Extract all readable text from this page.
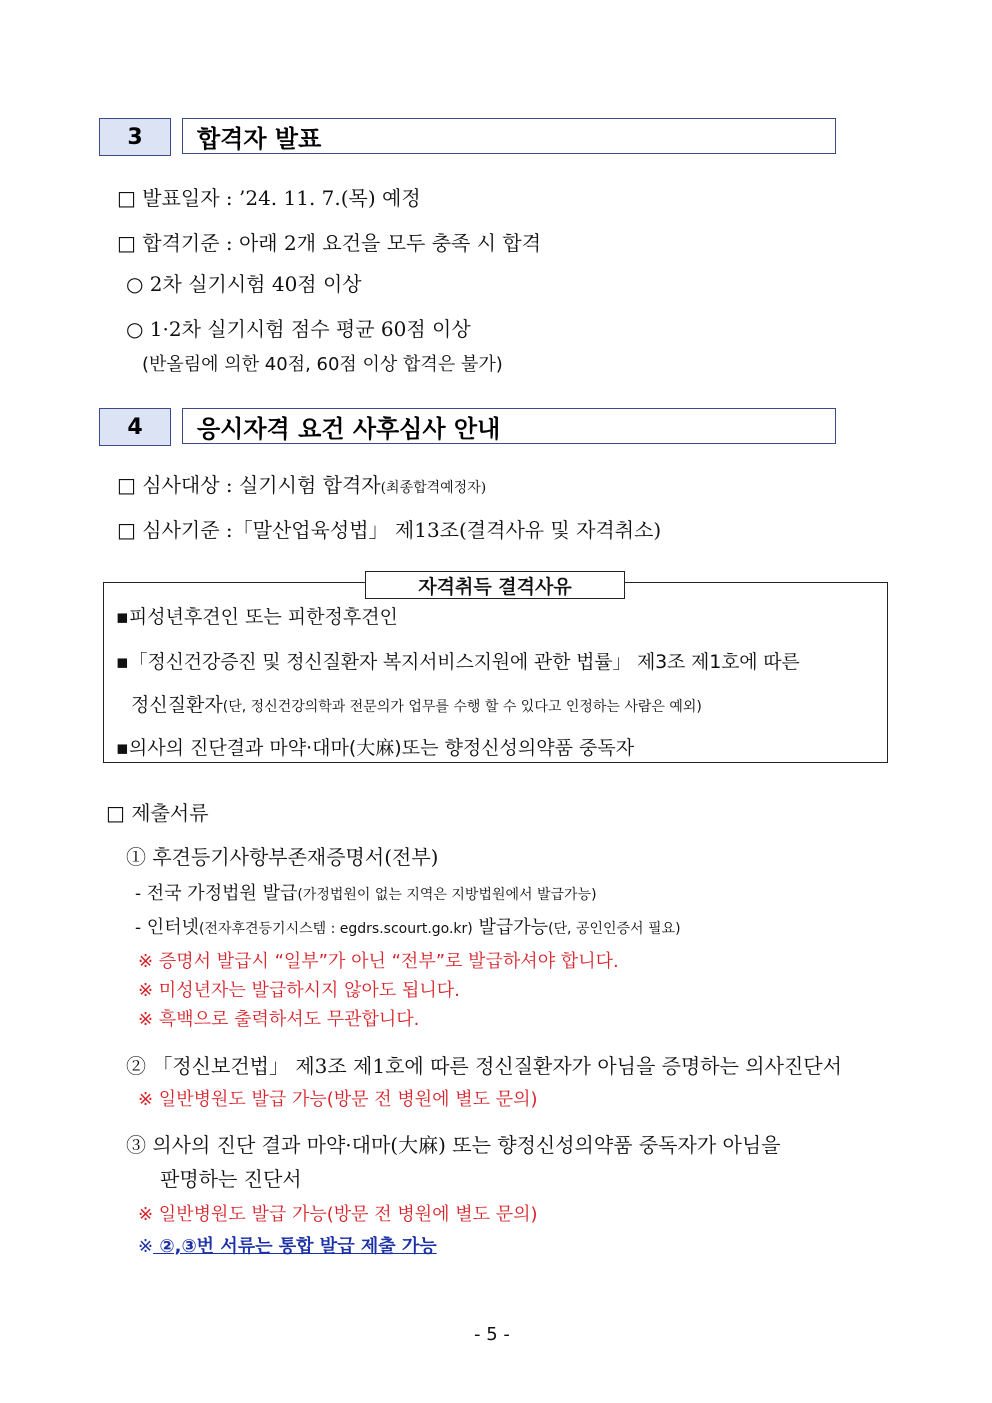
3	합격자 발표
□ 발표일자 : ’24. 11. 7.(목) 예정
□ 합격기준 : 아래 2개 요건을 모두 충족 시 합격
○ 2차 실기시험 40점 이상
○ 1·2차 실기시험 점수 평균 60점 이상
(반올림에 의한 40점, 60점 이상 합격은 불가)
4	응시자격 요건 사후심사 안내
□ 심사대상 : 실기시험 합격자(최종합격예정자)
□ 심사기준 :「말산업육성법」 제13조(결격사유 및 자격취소)
자격취득 결격사유
▪피성년후견인 또는 피한정후견인
▪「정신건강증진 및 정신질환자 복지서비스지원에 관한 법률」 제3조 제1호에 따른
정신질환자(단, 정신건강의학과 전문의가 업무를 수행 할 수 있다고 인정하는 사람은 예외)
▪의사의 진단결과 마약·대마(大麻)또는 향정신성의약품 중독자
□ 제출서류
① 후견등기사항부존재증명서(전부)
- 전국 가정법원 발급(가정법원이 없는 지역은 지방법원에서 발급가능)
- 인터넷(전자후견등기시스템 : egdrs.scourt.go.kr) 발급가능(단, 공인인증서 필요)
※ 증명서 발급시 “일부”가 아닌 “전부”로 발급하셔야 합니다.
※ 미성년자는 발급하시지 않아도 됩니다.
※ 흑백으로 출력하셔도 무관합니다.
② 「정신보건법」 제3조 제1호에 따른 정신질환자가 아님을 증명하는 의사진단서
※ 일반병원도 발급 가능(방문 전 병원에 별도 문의)
③ 의사의 진단 결과 마약·대마(大麻) 또는 향정신성의약품 중독자가 아님을
판명하는 진단서
※ 일반병원도 발급 가능(방문 전 병원에 별도 문의)
※ ②,③번 서류는 통합 발급 제출 가능
- 5 -
